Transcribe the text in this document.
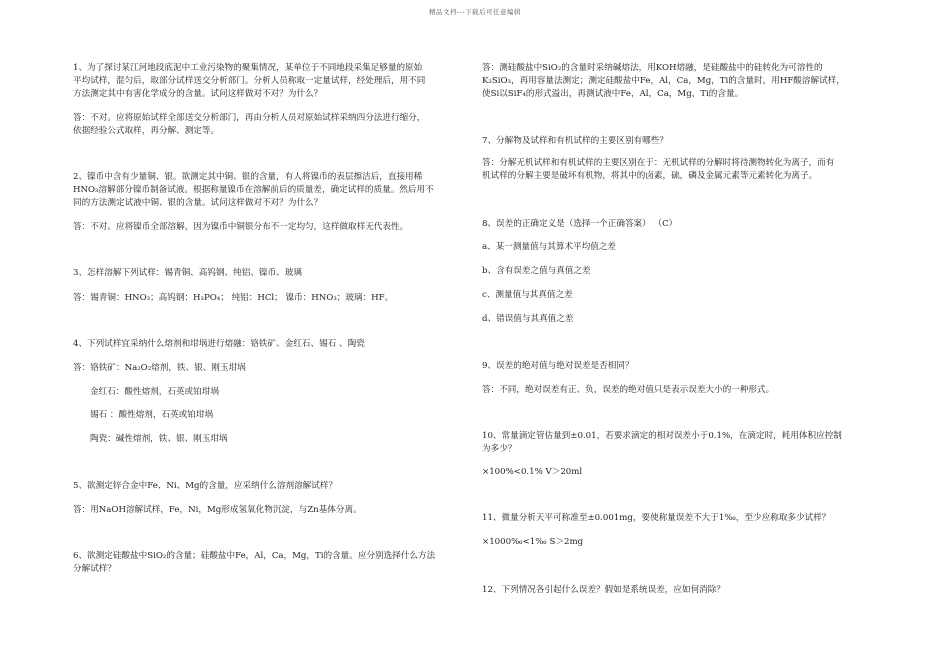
精品文档---下载后可任意编辑
1、为了探讨某江河地段底泥中工业污染物的聚集情况，某单位于不同地段采集足够量的原始
平均试样，混匀后，取部分试样送交分析部门。分析人员称取一定量试样，经处理后，用不同
方法测定其中有害化学成分的含量。试问这样做对不对？为什么？
答：不对。应将原始试样全部送交分析部门，再由分析人员对原始试样采纳四分法进行缩分，
依据经验公式取样，再分解、测定等。
2、镍币中含有少量铜、银。欲测定其中铜、银的含量，有人将镍币的表层擦洁后，直接用稀
HNO₃溶解部分镍币制备试液。根据称量镍币在溶解前后的质量差，确定试样的质量。然后用不
同的方法测定试液中铜、银的含量。试问这样做对不对？为什么？
答：不对。应将镍币全部溶解，因为镍币中铜银分布不一定均匀，这样做取样无代表性。
3、怎样溶解下列试样：锡青铜、高钨钢、纯铝、镍币、玻璃
答：锡青铜：HNO₃；高钨钢：H₃PO₄； 纯铝：HCl； 镍币：HNO₃；玻璃：HF。
4、下列试样宜采纳什么熔剂和坩埚进行熔融：铬铁矿、金红石、锡石 、陶瓷
答：铬铁矿：Na₂O₂熔剂，铁、银、刚玉坩埚
金红石：酸性熔剂，石英或铂坩埚
锡石 ：酸性熔剂，石英或铂坩埚
陶瓷：碱性熔剂，铁、银、刚玉坩埚
5、欲测定锌合金中Fe、Ni、Mg的含量，应采纳什么溶剂溶解试样？
答：用NaOH溶解试样，Fe，Ni，Mg形成氢氧化物沉淀，与Zn基体分离。
6、欲测定硅酸盐中SiO₂的含量；硅酸盐中Fe，Al，Ca，Mg，Ti的含量。应分别选择什么方法
分解试样？
答：测硅酸盐中SiO₂的含量时采纳碱熔法，用KOH熔融，是硅酸盐中的硅转化为可溶性的
K₂SiO₃，再用容量法测定；测定硅酸盐中Fe，Al，Ca，Mg，Ti的含量时，用HF酸溶解试样，
使Si以SiF₄的形式溢出，再测试液中Fe，Al，Ca，Mg，Ti的含量。
7、分解物及试样和有机试样的主要区别有哪些？
答：分解无机试样和有机试样的主要区别在于：无机试样的分解时将待测物转化为离子，而有
机试样的分解主要是破坏有机物，将其中的卤素，硫，磷及金属元素等元素转化为离子。
8、误差的正确定义是（选择一个正确答案） （C）
a、某一测量值与其算术平均值之差
b、含有误差之值与真值之差
c、测量值与其真值之差
d、错误值与其真值之差
9、误差的绝对值与绝对误差是否相同？
答：不同，绝对误差有正、负，误差的绝对值只是表示误差大小的一种形式。
10、常量滴定管估量到±0.01，若要求滴定的相对误差小于0.1%，在滴定时，耗用体积应控制
为多少？
×100%<0.1% V＞20ml
11、微量分析天平可称准至±0.001mg，要使称量误差不大于1‰，至少应称取多少试样？
×1000‰<1‰ S＞2mg
12、下列情况各引起什么误差？假如是系统误差，应如何消除？
